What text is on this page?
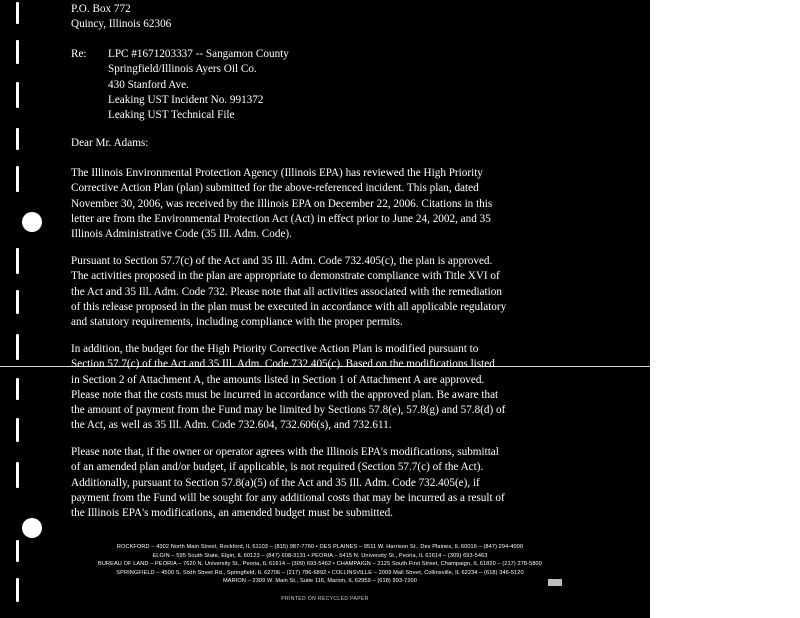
P.O. Box 772
Quincy, Illinois 62306
Re: LPC #1671203337 -- Sangamon County
Springfield/Illinois Ayers Oil Co.
430 Stanford Ave.
Leaking UST Incident No. 991372
Leaking UST Technical File
Dear Mr. Adams:
The Illinois Environmental Protection Agency (Illinois EPA) has reviewed the High Priority
Corrective Action Plan (plan) submitted for the above-referenced incident. This plan, dated
November 30, 2006, was received by the Illinois EPA on December 22, 2006. Citations in this
letter are from the Environmental Protection Act (Act) in effect prior to June 24, 2002, and 35
Illinois Administrative Code (35 Ill. Adm. Code).
Pursuant to Section 57.7(c) of the Act and 35 Ill. Adm. Code 732.405(c), the plan is approved.
The activities proposed in the plan are appropriate to demonstrate compliance with Title XVI of
the Act and 35 Ill. Adm. Code 732. Please note that all activities associated with the remediation
of this release proposed in the plan must be executed in accordance with all applicable regulatory
and statutory requirements, including compliance with the proper permits.
In addition, the budget for the High Priority Corrective Action Plan is modified pursuant to
Section 57.7(c) of the Act and 35 Ill. Adm. Code 732.405(c). Based on the modifications listed
in Section 2 of Attachment A, the amounts listed in Section 1 of Attachment A are approved.
Please note that the costs must be incurred in accordance with the approved plan. Be aware that
the amount of payment from the Fund may be limited by Sections 57.8(e), 57.8(g) and 57.8(d) of
the Act, as well as 35 Ill. Adm. Code 732.604, 732.606(s), and 732.611.
Please note that, if the owner or operator agrees with the Illinois EPA's modifications, submittal
of an amended plan and/or budget, if applicable, is not required (Section 57.7(c) of the Act).
Additionally, pursuant to Section 57.8(a)(5) of the Act and 35 Ill. Adm. Code 732.405(e), if
payment from the Fund will be sought for any additional costs that may be incurred as a result of
the Illinois EPA's modifications, an amended budget must be submitted.
ROCKFORD – 4302 North Main Street, Rockford, IL 61103 – (815) 987-7760 • DES PLAINES – 9511 W. Harrison St., Des Plaines, IL 60016 – (847) 294-4000
ELGIN – 595 South State, Elgin, IL 60123 – (847) 608-3131 • PEORIA – 5415 N. University St., Peoria, IL 61614 – (309) 693-5463
BUREAU OF LAND – PEORIA – 7620 N. University St., Peoria, IL 61614 – (309) 693-5462 • CHAMPAIGN – 2125 South First Street, Champaign, IL 61820 – (217) 278-5800
SPRINGFIELD – 4500 S. Sixth Street Rd., Springfield, IL 62706 – (217) 786-6892 • COLLINSVILLE – 2009 Mall Street, Collinsville, IL 62234 – (618) 346-5120
MARION – 2309 W. Main St., Suite 116, Marion, IL 62959 – (618) 993-7200
PRINTED ON RECYCLED PAPER
